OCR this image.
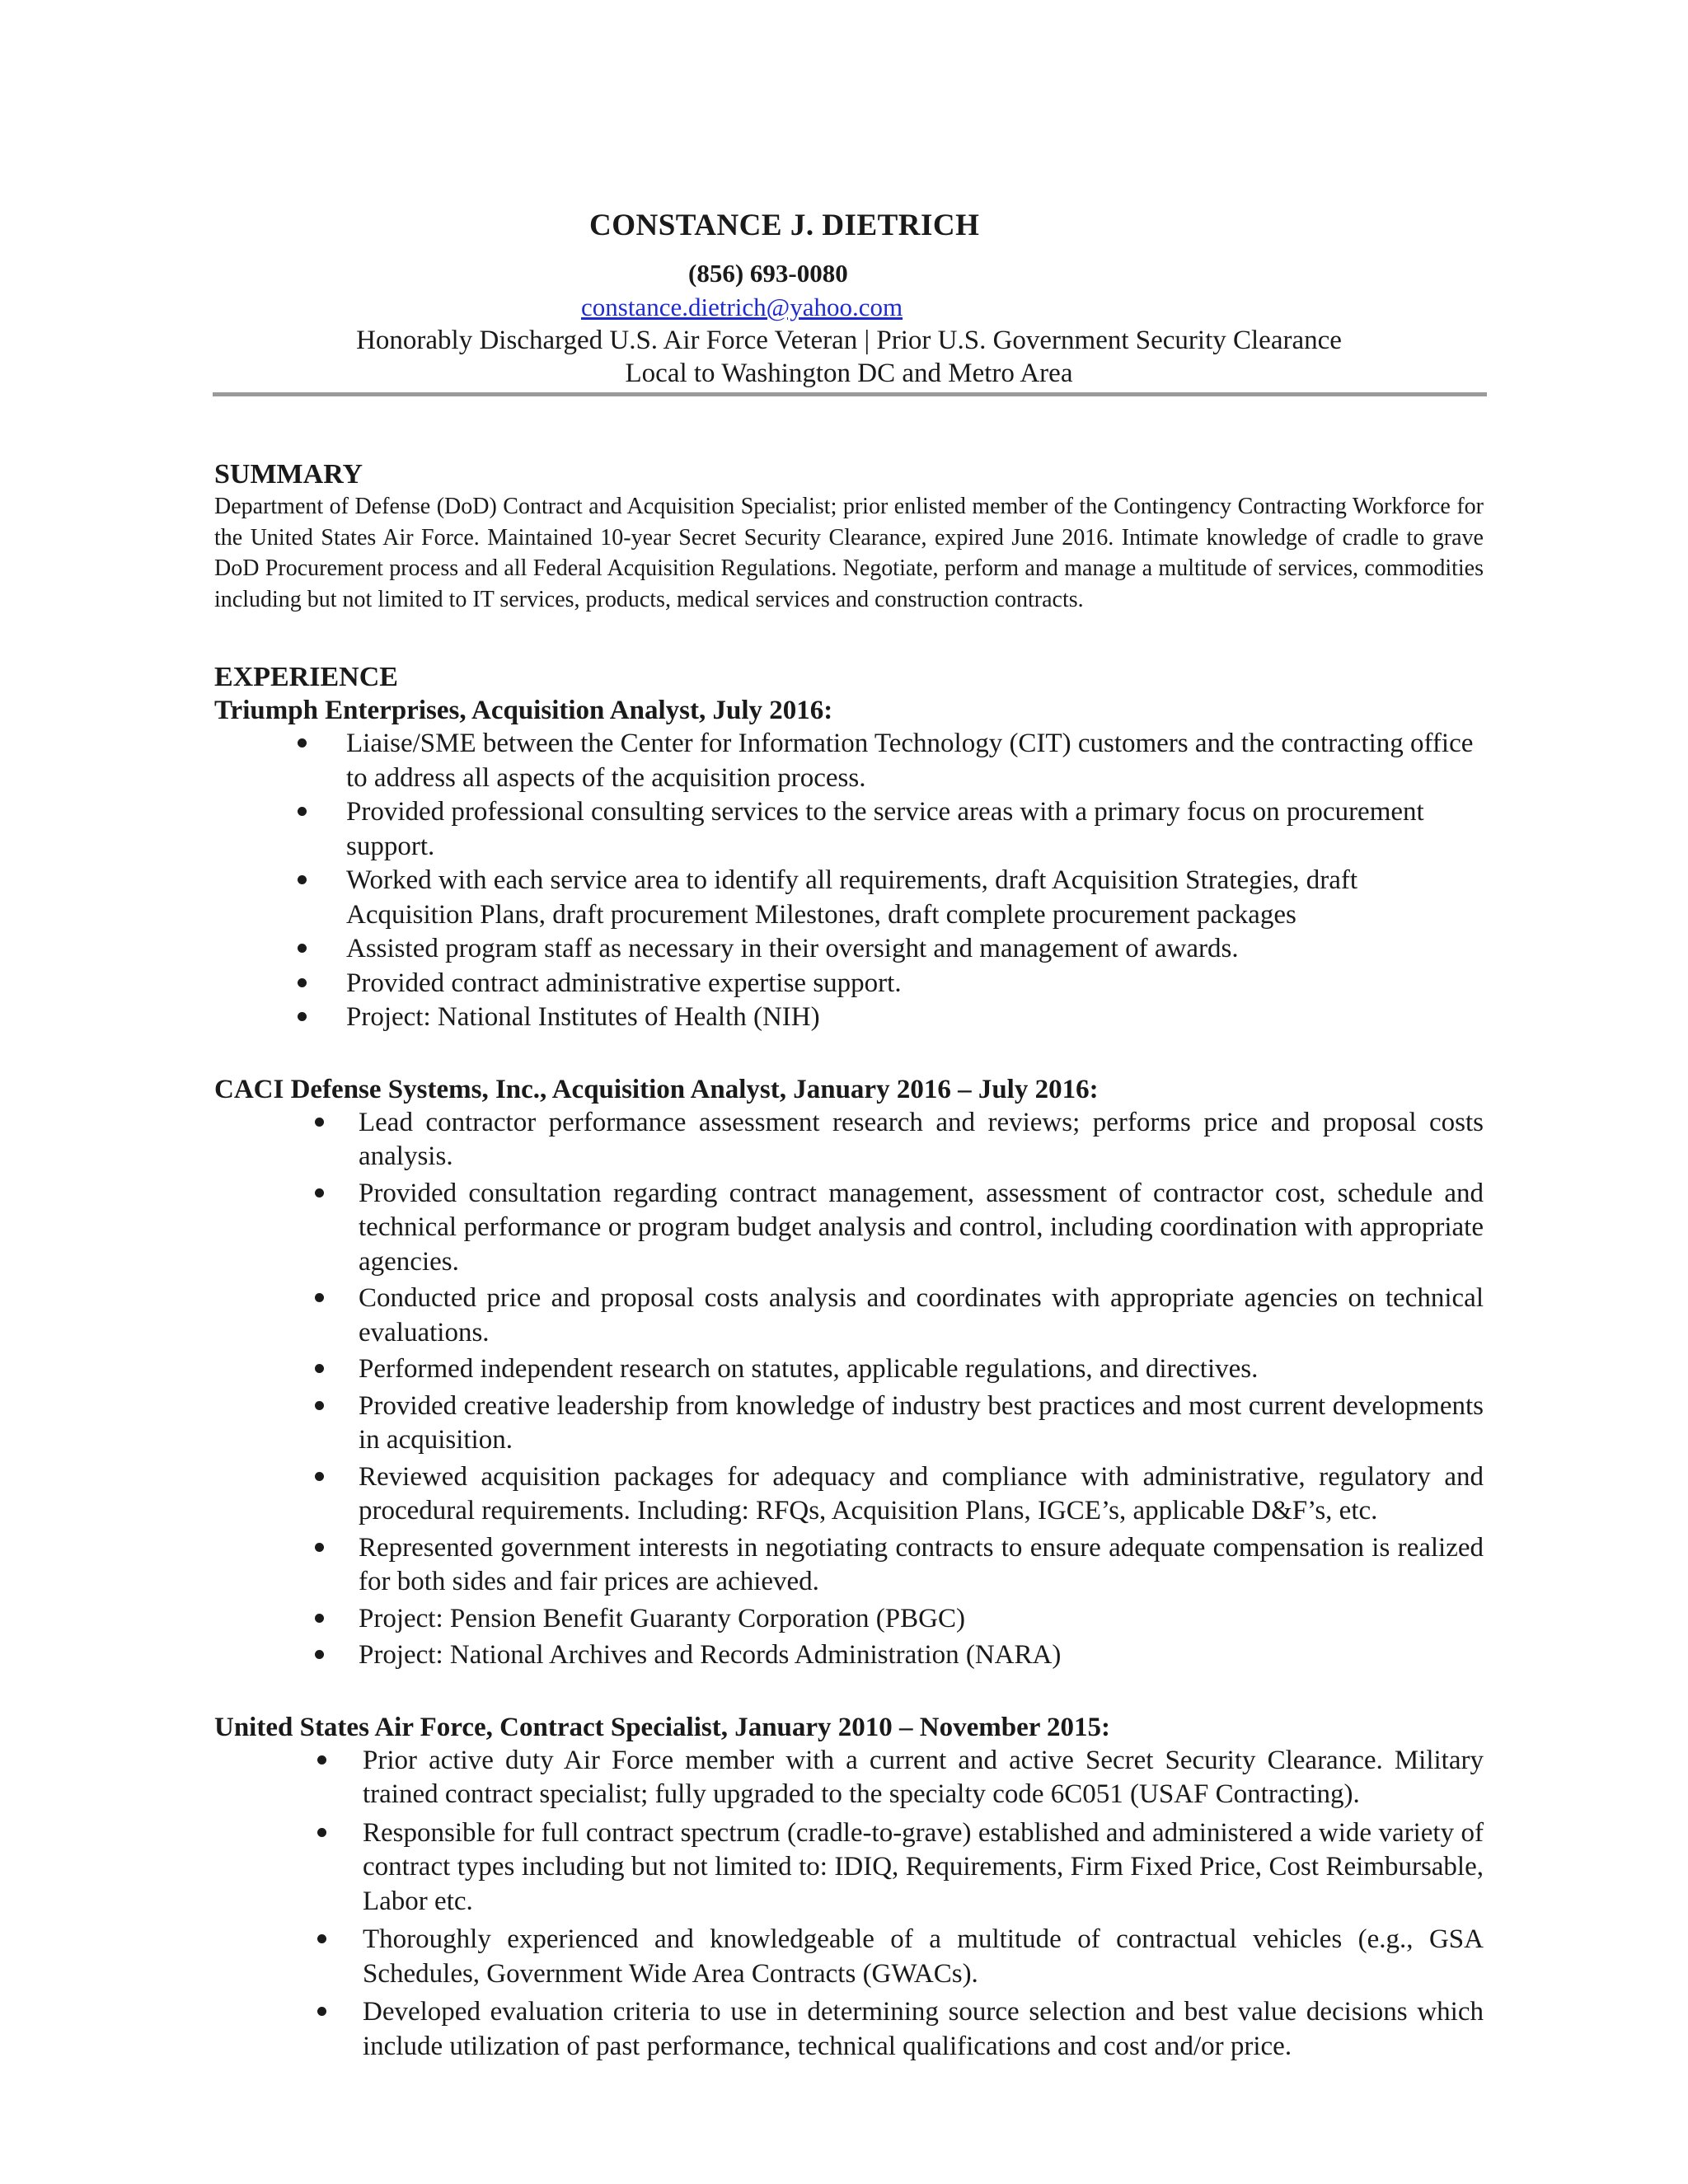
CONSTANCE J. DIETRICH
(856) 693-0080
constance.dietrich@yahoo.com
Honorably Discharged U.S. Air Force Veteran | Prior U.S. Government Security Clearance
Local to Washington DC and Metro Area
SUMMARY

Department of Defense (DoD) Contract and Acquisition Specialist; prior enlisted member of the Contingency Contracting Workforce for the United States Air Force. Maintained 10-year Secret Security Clearance, expired June 2016. Intimate knowledge of cradle to grave DoD Procurement process and all Federal Acquisition Regulations. Negotiate, perform and manage a multitude of services, commodities including but not limited to IT services, products, medical services and construction contracts.

EXPERIENCE
Triumph Enterprises, Acquisition Analyst, July 2016:
Liaise/SME between the Center for Information Technology (CIT) customers and the contracting office to address all aspects of the acquisition process.
Provided professional consulting services to the service areas with a primary focus on procurement support.
Worked with each service area to identify all requirements, draft Acquisition Strategies, draft Acquisition Plans, draft procurement Milestones, draft complete procurement packages
Assisted program staff as necessary in their oversight and management of awards.
Provided contract administrative expertise support.
Project: National Institutes of Health (NIH)
CACI Defense Systems, Inc., Acquisition Analyst, January 2016 – July 2016:
Lead contractor performance assessment research and reviews; performs price and proposal costs analysis.
Provided consultation regarding contract management, assessment of contractor cost, schedule and technical performance or program budget analysis and control, including coordination with appropriate agencies.
Conducted price and proposal costs analysis and coordinates with appropriate agencies on technical evaluations.
Performed independent research on statutes, applicable regulations, and directives.
Provided creative leadership from knowledge of industry best practices and most current developments in acquisition.
Reviewed acquisition packages for adequacy and compliance with administrative, regulatory and procedural requirements. Including: RFQs, Acquisition Plans, IGCE’s, applicable D&F’s, etc.
Represented government interests in negotiating contracts to ensure adequate compensation is realized for both sides and fair prices are achieved.
Project: Pension Benefit Guaranty Corporation (PBGC)
Project: National Archives and Records Administration (NARA)
United States Air Force, Contract Specialist, January 2010 – November 2015:
Prior active duty Air Force member with a current and active Secret Security Clearance. Military trained contract specialist; fully upgraded to the specialty code 6C051 (USAF Contracting).
Responsible for full contract spectrum (cradle-to-grave) established and administered a wide variety of contract types including but not limited to: IDIQ, Requirements, Firm Fixed Price, Cost Reimbursable, Labor etc.
Thoroughly experienced and knowledgeable of a multitude of contractual vehicles (e.g., GSA Schedules, Government Wide Area Contracts (GWACs).
Developed evaluation criteria to use in determining source selection and best value decisions which include utilization of past performance, technical qualifications and cost and/or price.
